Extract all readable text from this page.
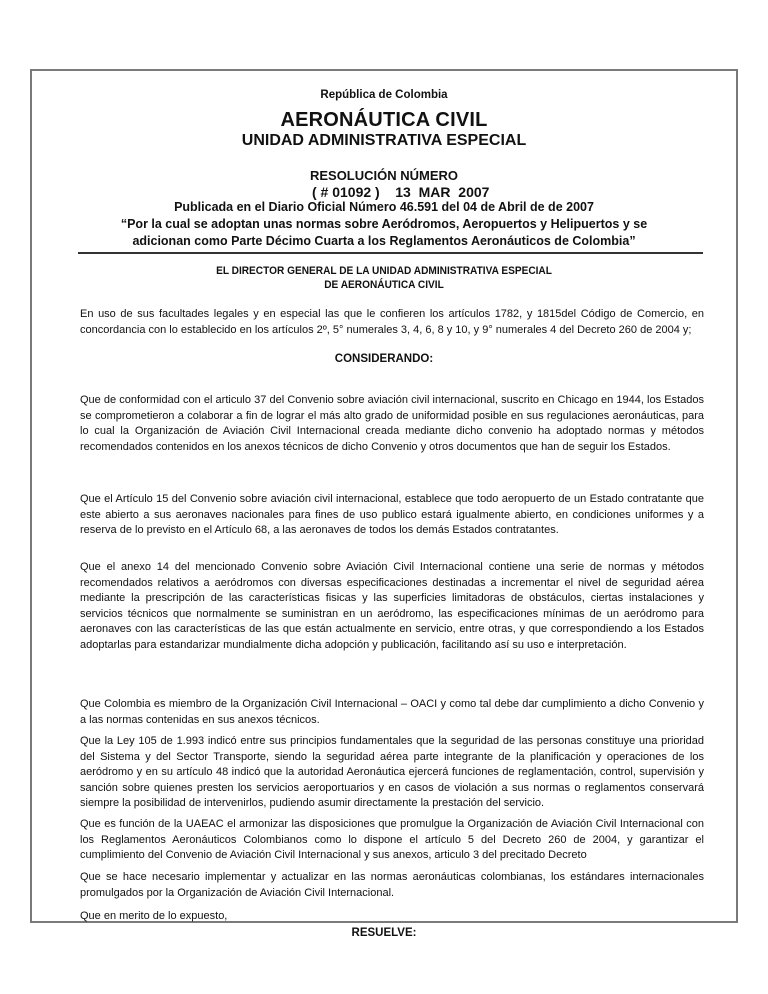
República de Colombia
AERONÁUTICA CIVIL
UNIDAD ADMINISTRATIVA ESPECIAL
RESOLUCIÓN NÚMERO
( # 01092 )    13  MAR  2007
Publicada en el Diario Oficial Número 46.591 del 04 de Abril de de 2007
“Por la cual se adoptan unas normas sobre Aeródromos, Aeropuertos y Helipuertos y se
adicionan como Parte Décimo Cuarta a los Reglamentos Aeronáuticos de Colombia”
EL DIRECTOR GENERAL DE LA UNIDAD ADMINISTRATIVA ESPECIAL
DE AERONÁUTICA CIVIL
En uso de sus facultades legales y en especial las que le confieren los artículos 1782, y 1815del Código de Comercio, en concordancia con lo establecido en los artículos 2º, 5° numerales 3, 4, 6, 8 y 10, y 9° numerales 4 del Decreto 260 de 2004 y;
CONSIDERANDO:
Que de conformidad con el articulo 37 del Convenio sobre aviación civil internacional, suscrito en Chicago en 1944, los Estados se comprometieron a colaborar a fin de lograr el más alto grado de uniformidad posible en sus regulaciones aeronáuticas, para lo cual la Organización de Aviación Civil Internacional creada mediante dicho convenio ha adoptado normas y métodos recomendados contenidos en los anexos técnicos de dicho Convenio y otros documentos que han de seguir los Estados.
Que el Artículo 15 del Convenio sobre aviación civil internacional, establece que todo aeropuerto de un Estado contratante que este abierto a sus aeronaves nacionales para fines de uso publico estará igualmente abierto, en condiciones uniformes y a reserva de lo previsto en el Artículo 68, a las aeronaves de todos los demás Estados contratantes.
Que el anexo 14 del mencionado Convenio sobre Aviación Civil Internacional contiene una serie de normas y métodos recomendados relativos a aeródromos con diversas especificaciones destinadas a incrementar el nivel de seguridad aérea mediante la prescripción de las características fisicas y las superficies limitadoras de obstáculos, ciertas instalaciones y servicios técnicos que normalmente se suministran en un aeródromo, las especificaciones mínimas de un aeródromo para aeronaves con las características de las que están actualmente en servicio, entre otras, y que correspondiendo a los Estados adoptarlas para estandarizar mundialmente dicha adopción y publicación, facilitando así su uso e interpretación.
Que Colombia es miembro de la Organización Civil Internacional – OACI y como tal debe dar cumplimiento a dicho Convenio y a las normas contenidas en sus anexos técnicos.
Que la Ley 105 de 1.993 indicó entre sus principios fundamentales que la seguridad de las personas constituye una prioridad del Sistema y del Sector Transporte, siendo la seguridad aérea parte integrante de la planificación y operaciones de los aeródromo y en su artículo 48 indicó que la autoridad Aeronáutica ejercerá funciones de reglamentación, control, supervisión y sanción sobre quienes presten los servicios aeroportuarios y en casos de violación a sus normas o reglamentos conservará siempre la posibilidad de intervenirlos, pudiendo asumir directamente la prestación del servicio.
Que es función de la UAEAC el armonizar las disposiciones que promulgue la Organización de Aviación Civil Internacional con los Reglamentos Aeronáuticos Colombianos como lo dispone el artículo 5 del Decreto 260 de 2004, y garantizar el cumplimiento del Convenio de Aviación Civil Internacional y sus anexos, articulo 3 del precitado Decreto
Que se hace necesario implementar y actualizar en las normas aeronáuticas colombianas, los estándares internacionales promulgados por la Organización de Aviación Civil Internacional.
Que en merito de lo expuesto,
RESUELVE:
